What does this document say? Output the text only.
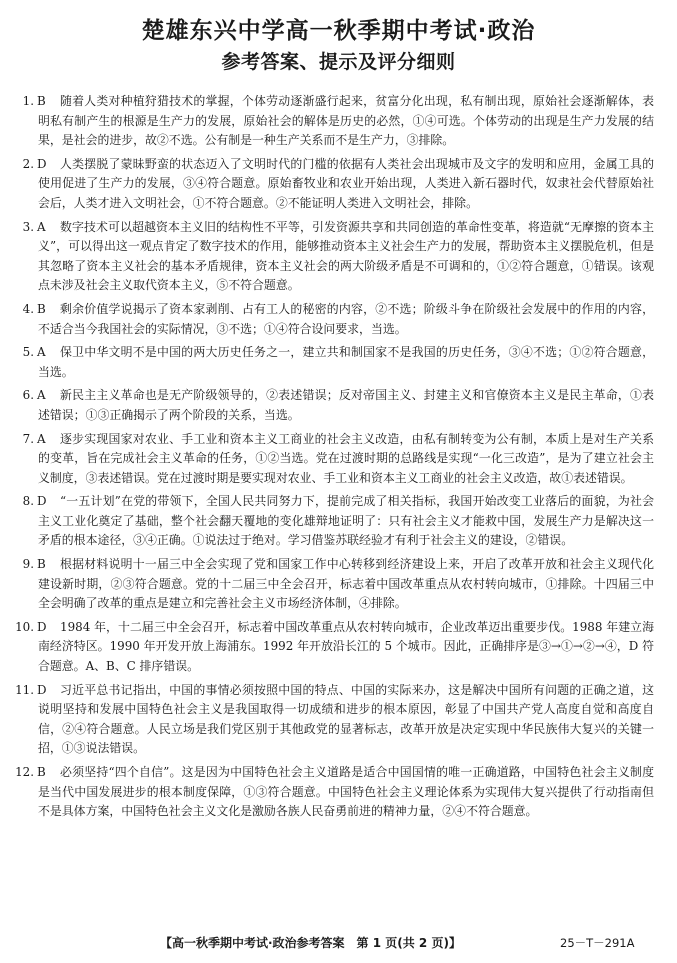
楚雄东兴中学高一秋季期中考试·政治
参考答案、提示及评分细则
1. B	随着人类对种植狩猎技术的掌握，个体劳动逐渐盛行起来，贫富分化出现，私有制出现，原始社会逐渐解体，表明私有制产生的根源是生产力的发展，原始社会的解体是历史的必然，①④可选。个体劳动的出现是生产力发展的结果，是社会的进步，故②不选。公有制是一种生产关系而不是生产力，③排除。
2. D	人类摆脱了蒙昧野蛮的状态迈入了文明时代的门槛的依据有人类社会出现城市及文字的发明和应用，金属工具的使用促进了生产力的发展，③④符合题意。原始畜牧业和农业开始出现，人类进入新石器时代，奴隶社会代替原始社会后，人类才进入文明社会，①不符合题意。②不能证明人类进入文明社会，排除。
3. A	数字技术可以超越资本主义旧的结构性不平等，引发资源共享和共同创造的革命性变革，将造就“无摩擦的资本主义”，可以得出这一观点肯定了数字技术的作用，能够推动资本主义社会生产力的发展，帮助资本主义摆脱危机，但是其忽略了资本主义社会的基本矛盾规律，资本主义社会的两大阶级矛盾是不可调和的，①②符合题意，①错误。该观点未涉及社会主义取代资本主义，⑤不符合题意。
4. B	剩余价值学说揭示了资本家剥削、占有工人的秘密的内容，②不选；阶级斗争在阶级社会发展中的作用的内容，不适合当今我国社会的实际情况，③不选；①④符合设问要求，当选。
5. A	保卫中华文明不是中国的两大历史任务之一，建立共和制国家不是我国的历史任务，③④不选；①②符合题意，当选。
6. A	新民主主义革命也是无产阶级领导的，②表述错误；反对帝国主义、封建主义和官僚资本主义是民主革命，①表述错误；①③正确揭示了两个阶段的关系，当选。
7. A	逐步实现国家对农业、手工业和资本主义工商业的社会主义改造，由私有制转变为公有制，本质上是对生产关系的变革，旨在完成社会主义革命的任务，①②当选。党在过渡时期的总路线是实现“一化三改造”，是为了建立社会主义制度，③表述错误。党在过渡时期是要实现对农业、手工业和资本主义工商业的社会主义改造，故①表述错误。
8. D	“一五计划”在党的带领下，全国人民共同努力下，提前完成了相关指标，我国开始改变工业落后的面貌，为社会主义工业化奠定了基础，整个社会翻天覆地的变化雄辩地证明了：只有社会主义才能救中国，发展生产力是解决这一矛盾的根本途径，③④正确。①说法过于绝对。学习借鉴苏联经验才有利于社会主义的建设，②错误。
9. B	根据材料说明十一届三中全会实现了党和国家工作中心转移到经济建设上来，开启了改革开放和社会主义现代化建设新时期，②③符合题意。党的十二届三中全会召开，标志着中国改革重点从农村转向城市，①排除。十四届三中全会明确了改革的重点是建立和完善社会主义市场经济体制，④排除。
10. D	1984 年，十二届三中全会召开，标志着中国改革重点从农村转向城市，企业改革迈出重要步伐。1988 年建立海南经济特区。1990 年开发开放上海浦东。1992 年开放沿长江的 5 个城市。因此，正确排序是③→①→②→④，D 符合题意。A、B、C 排序错误。
11. D	习近平总书记指出，中国的事情必须按照中国的特点、中国的实际来办，这是解决中国所有问题的正确之道，这说明坚持和发展中国特色社会主义是我国取得一切成绩和进步的根本原因，彰显了中国共产党人高度自觉和高度自信，②④符合题意。人民立场是我们党区别于其他政党的显著标志，改革开放是决定实现中华民族伟大复兴的关键一招，①③说法错误。
12. B	必须坚持“四个自信”。这是因为中国特色社会主义道路是适合中国国情的唯一正确道路，中国特色社会主义制度是当代中国发展进步的根本制度保障，①③符合题意。中国特色社会主义理论体系为实现伟大复兴提供了行动指南但不是具体方案，中国特色社会主义文化是激励各族人民奋勇前进的精神力量，②④不符合题意。
【高一秋季期中考试·政治参考答案　第 1 页(共 2 页)】	25－T－291A
